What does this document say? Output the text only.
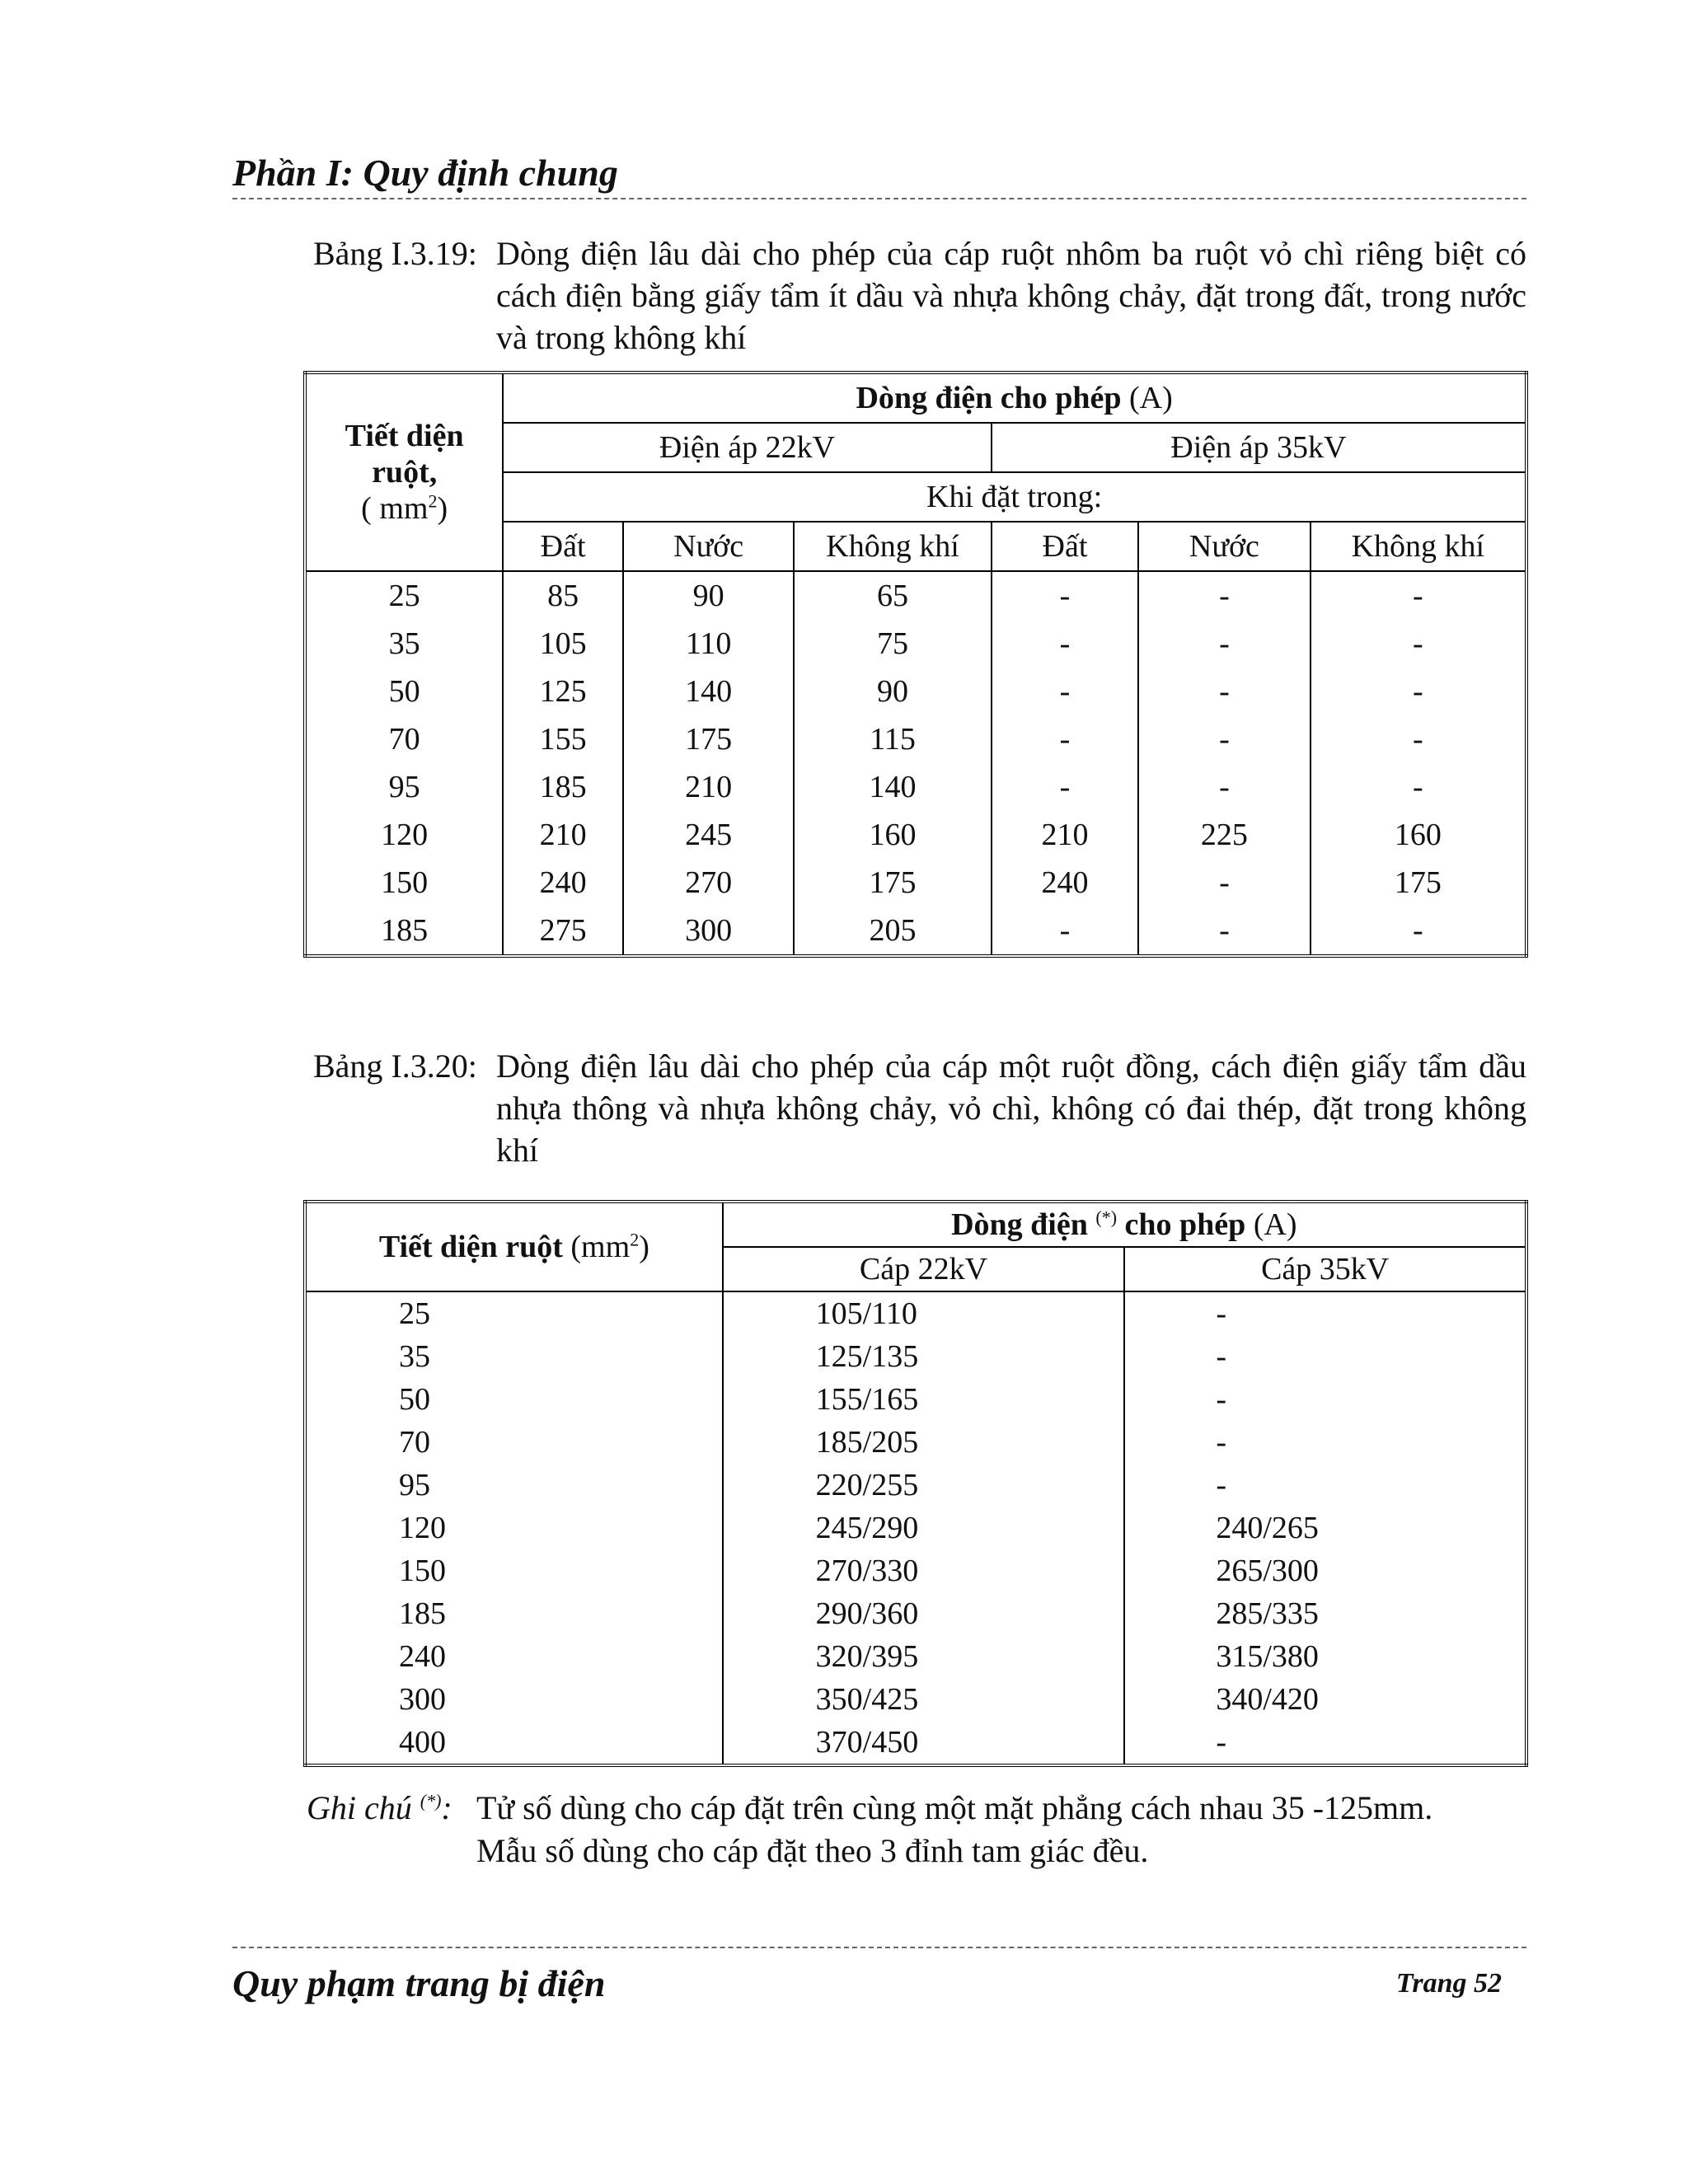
Phần I: Quy định chung
Bảng I.3.19: Dòng điện lâu dài cho phép của cáp ruột nhôm ba ruột vỏ chì riêng biệt có cách điện bằng giấy tẩm ít dầu và nhựa không chảy, đặt trong đất, trong nước và trong không khí
Tiết diện
ruột,
( $mm^2$)	Dòng điện cho phép (A)					
	Điện áp 22kV			Điện áp 35kV		
	Khi đặt trong:					
	Đất	Nước	Không khí	Đất	Nước	Không khí
25	85	90	65	-	-	-
35	105	110	75	-	-	-
50	125	140	90	-	-	-
70	155	175	115	-	-	-
95	185	210	140	-	-	-
120	210	245	160	210	225	160
150	240	270	175	240	-	175
185	275	300	205	-	-	-
Bảng I.3.20: Dòng điện lâu dài cho phép của cáp một ruột đồng, cách điện giấy tẩm dầu nhựa thông và nhựa không chảy, vỏ chì, không có đai thép, đặt trong không khí
Tiết diện ruột $(mm^2)$	Dòng điện (*) cho phép (A)	
	Cáp 22kV	Cáp 35kV
25	105/110	-
35	125/135	-
50	155/165	-
70	185/205	-
95	220/255	-
120	245/290	240/265
150	270/330	265/300
185	290/360	285/335
240	320/395	315/380
300	350/425	340/420
400	370/450	-
Ghi chú (*): Tử số dùng cho cáp đặt trên cùng một mặt phẳng cách nhau 35 -125mm.
Mẫu số dùng cho cáp đặt theo 3 đỉnh tam giác đều.
Quy phạm trang bị điện	Trang 52
